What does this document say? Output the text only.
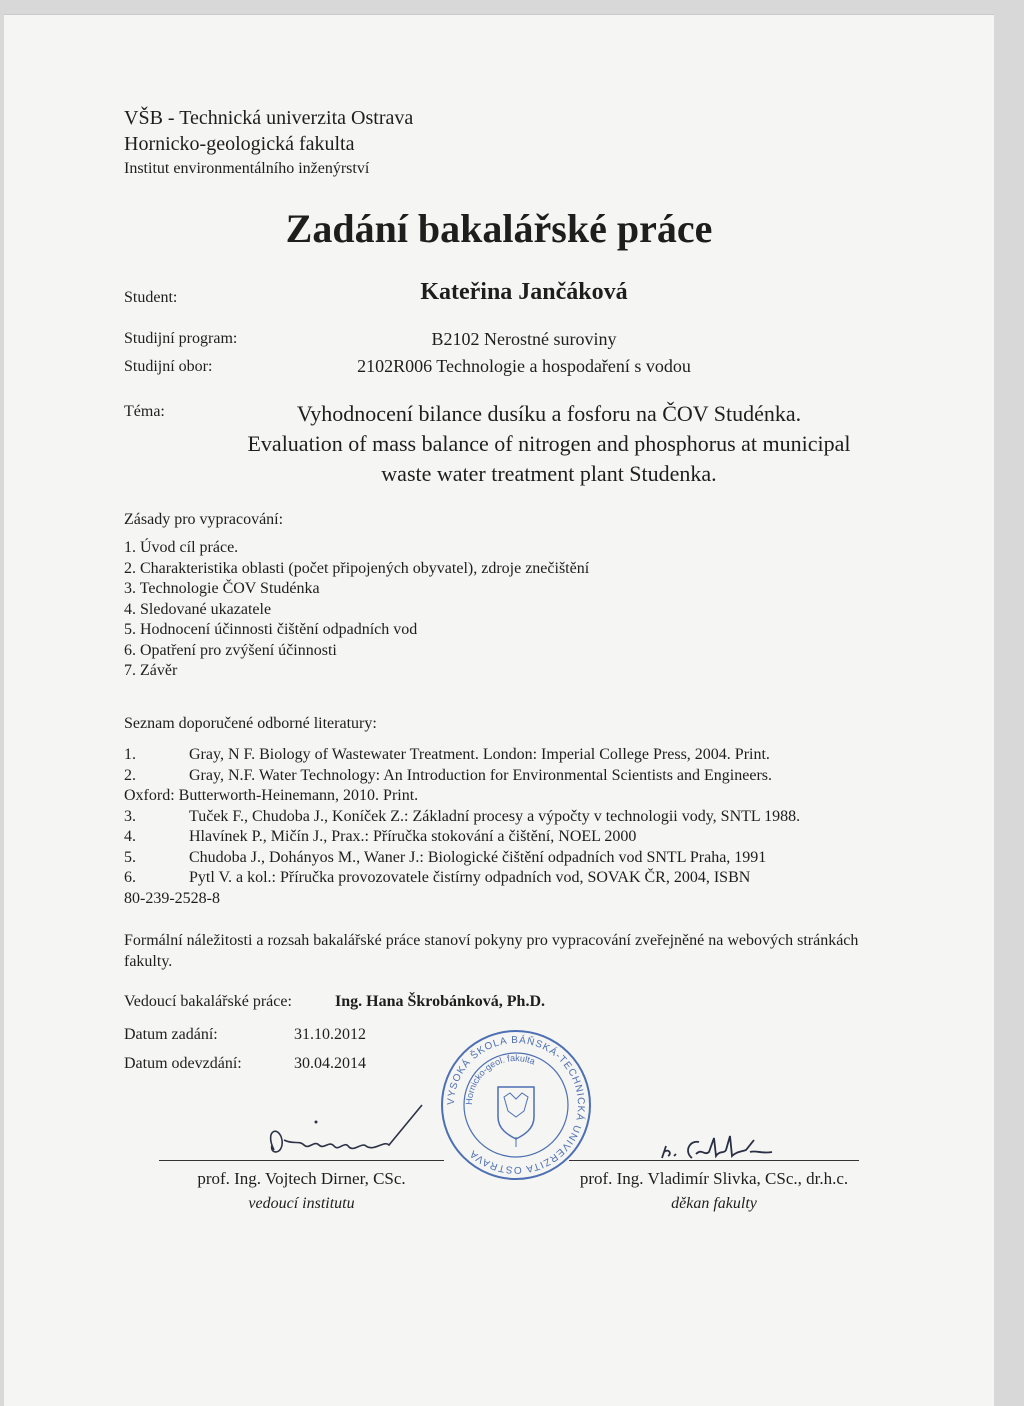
VŠB - Technická univerzita Ostrava
Hornicko-geologická fakulta
Institut environmentálního inženýrství
Zadání bakalářské práce
Student:	Kateřina Jančáková
Studijní program:	B2102 Nerostné suroviny
Studijní obor:	2102R006 Technologie a hospodaření s vodou
Téma:	Vyhodnocení bilance dusíku a fosforu na ČOV Studénka.
Evaluation of mass balance of nitrogen and phosphorus at municipal waste water treatment plant Studenka.
Zásady pro vypracování:
1. Úvod cíl práce.
2. Charakteristika oblasti (počet připojených obyvatel), zdroje znečištění
3. Technologie ČOV Studénka
4. Sledované ukazatele
5. Hodnocení účinnosti čištění odpadních vod
6. Opatření pro zvýšení účinnosti
7. Závěr
Seznam doporučené odborné literatury:
1.	Gray, N F. Biology of Wastewater Treatment. London: Imperial College Press, 2004. Print.
2.	Gray, N.F. Water Technology: An Introduction for Environmental Scientists and Engineers.
Oxford: Butterworth-Heinemann, 2010. Print.
3.	Tuček F., Chudoba J., Koníček Z.: Základní procesy a výpočty v technologii vody, SNTL 1988.
4.	Hlavínek P., Mičín J., Prax.: Příručka stokování a čištění, NOEL 2000
5.	Chudoba J., Dohányos M., Waner J.: Biologické čištění odpadních vod SNTL Praha, 1991
6.	Pytl V. a kol.: Příručka provozovatele čistírny odpadních vod, SOVAK ČR, 2004, ISBN
80-239-2528-8
Formální náležitosti a rozsah bakalářské práce stanoví pokyny pro vypracování zveřejněné na webových stránkách fakulty.
Vedoucí bakalářské práce:	Ing. Hana Škrobánková, Ph.D.
Datum zadání:	31.10.2012
Datum odevzdání:	30.04.2014
prof. Ing. Vojtech Dirner, CSc.
vedoucí institutu
prof. Ing. Vladimír Slivka, CSc., dr.h.c.
děkan fakulty
VYSOKÁ ŠKOLA BÁŇSKÁ-TECHNICKÁ UNIVERZITA OSTRAVA
Hornicko-geol. fakulta
